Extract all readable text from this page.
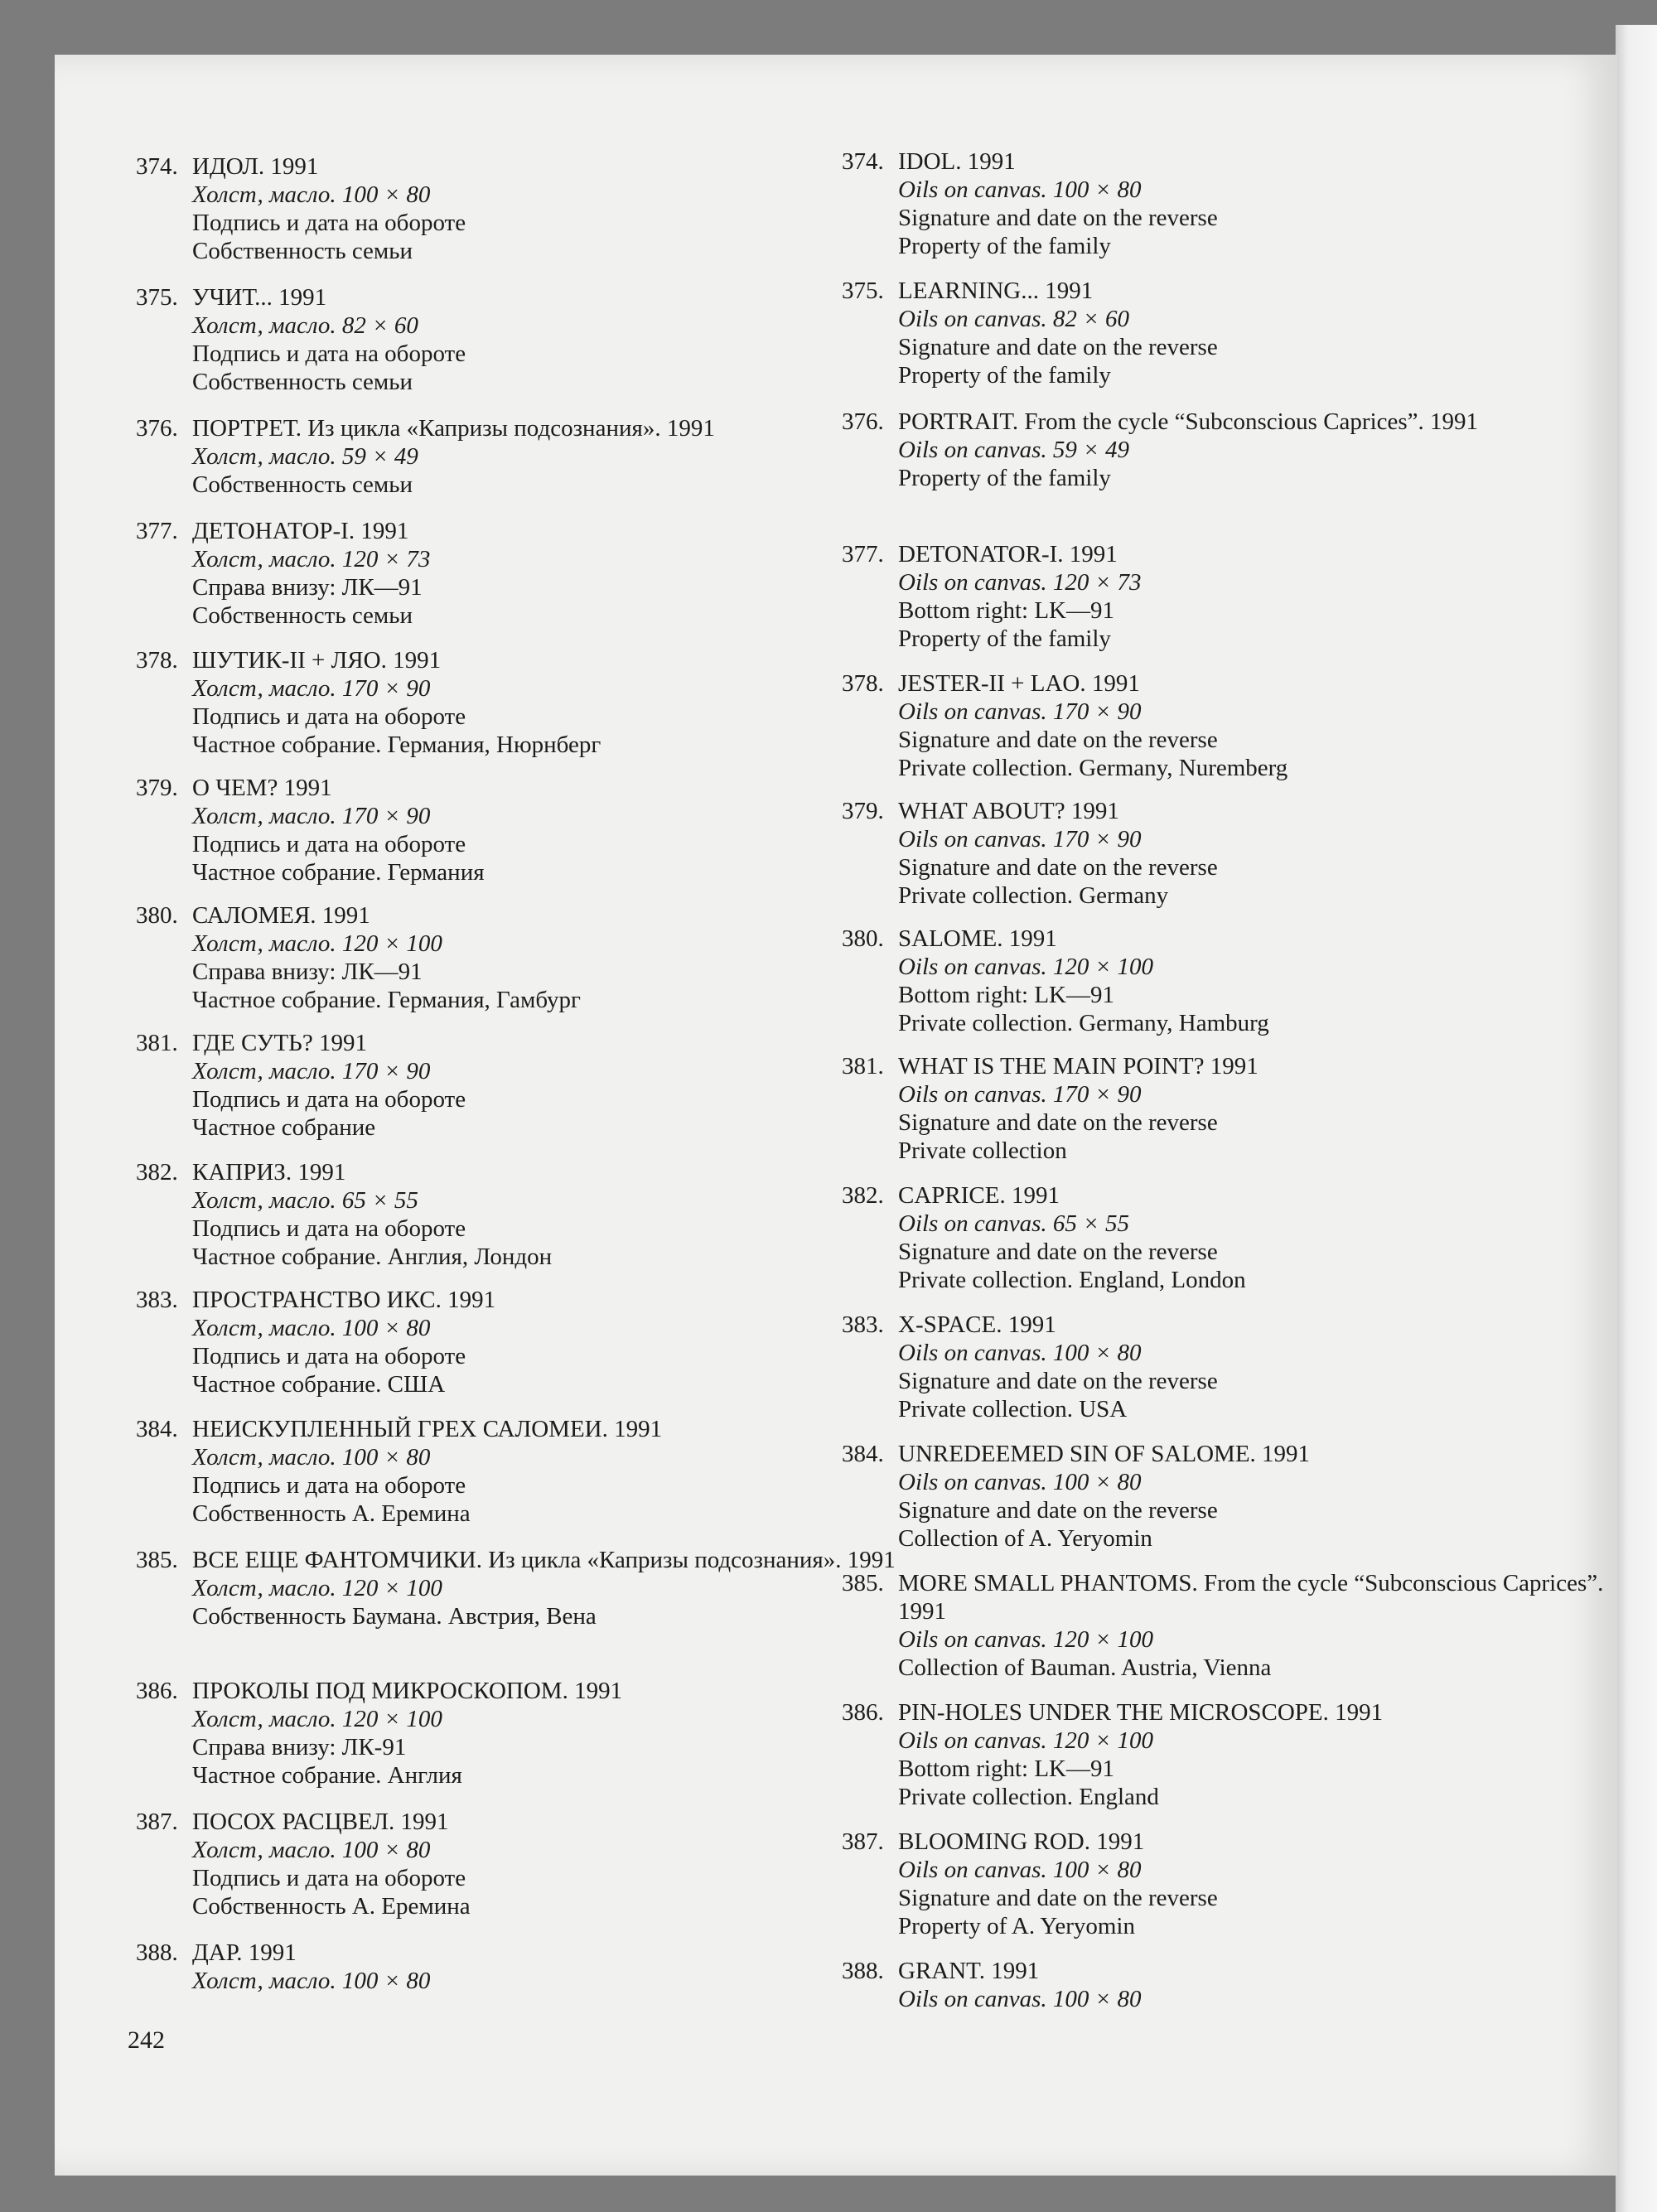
374. ИДОЛ. 1991
Холст, масло. 100 × 80
Подпись и дата на обороте
Собственность семьи
375. УЧИТ... 1991
Холст, масло. 82 × 60
Подпись и дата на обороте
Собственность семьи
376. ПОРТРЕТ. Из цикла «Капризы подсознания». 1991
Холст, масло. 59 × 49
Собственность семьи
377. ДЕТОНАТОР-I. 1991
Холст, масло. 120 × 73
Справа внизу: ЛК—91
Собственность семьи
378. ШУТИК-II + ЛЯО. 1991
Холст, масло. 170 × 90
Подпись и дата на обороте
Частное собрание. Германия, Нюрнберг
379. О ЧЕМ? 1991
Холст, масло. 170 × 90
Подпись и дата на обороте
Частное собрание. Германия
380. САЛОМЕЯ. 1991
Холст, масло. 120 × 100
Справа внизу: ЛК—91
Частное собрание. Германия, Гамбург
381. ГДЕ СУТЬ? 1991
Холст, масло. 170 × 90
Подпись и дата на обороте
Частное собрание
382. КАПРИЗ. 1991
Холст, масло. 65 × 55
Подпись и дата на обороте
Частное собрание. Англия, Лондон
383. ПРОСТРАНСТВО ИКС. 1991
Холст, масло. 100 × 80
Подпись и дата на обороте
Частное собрание. США
384. НЕИСКУПЛЕННЫЙ ГРЕХ САЛОМЕИ. 1991
Холст, масло. 100 × 80
Подпись и дата на обороте
Собственность А. Еремина
385. ВСЕ ЕЩЕ ФАНТОМЧИКИ. Из цикла «Капризы подсознания». 1991
Холст, масло. 120 × 100
Собственность Баумана. Австрия, Вена
386. ПРОКОЛЫ ПОД МИКРОСКОПОМ. 1991
Холст, масло. 120 × 100
Справа внизу: ЛК-91
Частное собрание. Англия
387. ПОСОХ РАСЦВЕЛ. 1991
Холст, масло. 100 × 80
Подпись и дата на обороте
Собственность А. Еремина
388. ДАР. 1991
Холст, масло. 100 × 80
374. IDOL. 1991
Oils on canvas. 100 × 80
Signature and date on the reverse
Property of the family
375. LEARNING... 1991
Oils on canvas. 82 × 60
Signature and date on the reverse
Property of the family
376. PORTRAIT. From the cycle “Subconscious Caprices”. 1991
Oils on canvas. 59 × 49
Property of the family
377. DETONATOR-I. 1991
Oils on canvas. 120 × 73
Bottom right: LK—91
Property of the family
378. JESTER-II + LAO. 1991
Oils on canvas. 170 × 90
Signature and date on the reverse
Private collection. Germany, Nuremberg
379. WHAT ABOUT? 1991
Oils on canvas. 170 × 90
Signature and date on the reverse
Private collection. Germany
380. SALOME. 1991
Oils on canvas. 120 × 100
Bottom right: LK—91
Private collection. Germany, Hamburg
381. WHAT IS THE MAIN POINT? 1991
Oils on canvas. 170 × 90
Signature and date on the reverse
Private collection
382. CAPRICE. 1991
Oils on canvas. 65 × 55
Signature and date on the reverse
Private collection. England, London
383. X-SPACE. 1991
Oils on canvas. 100 × 80
Signature and date on the reverse
Private collection. USA
384. UNREDEEMED SIN OF SALOME. 1991
Oils on canvas. 100 × 80
Signature and date on the reverse
Collection of A. Yeryomin
385. MORE SMALL PHANTOMS. From the cycle “Subconscious Caprices”. 1991
Oils on canvas. 120 × 100
Collection of Bauman. Austria, Vienna
386. PIN-HOLES UNDER THE MICROSCOPE. 1991
Oils on canvas. 120 × 100
Bottom right: LK—91
Private collection. England
387. BLOOMING ROD. 1991
Oils on canvas. 100 × 80
Signature and date on the reverse
Property of A. Yeryomin
388. GRANT. 1991
Oils on canvas. 100 × 80
242
